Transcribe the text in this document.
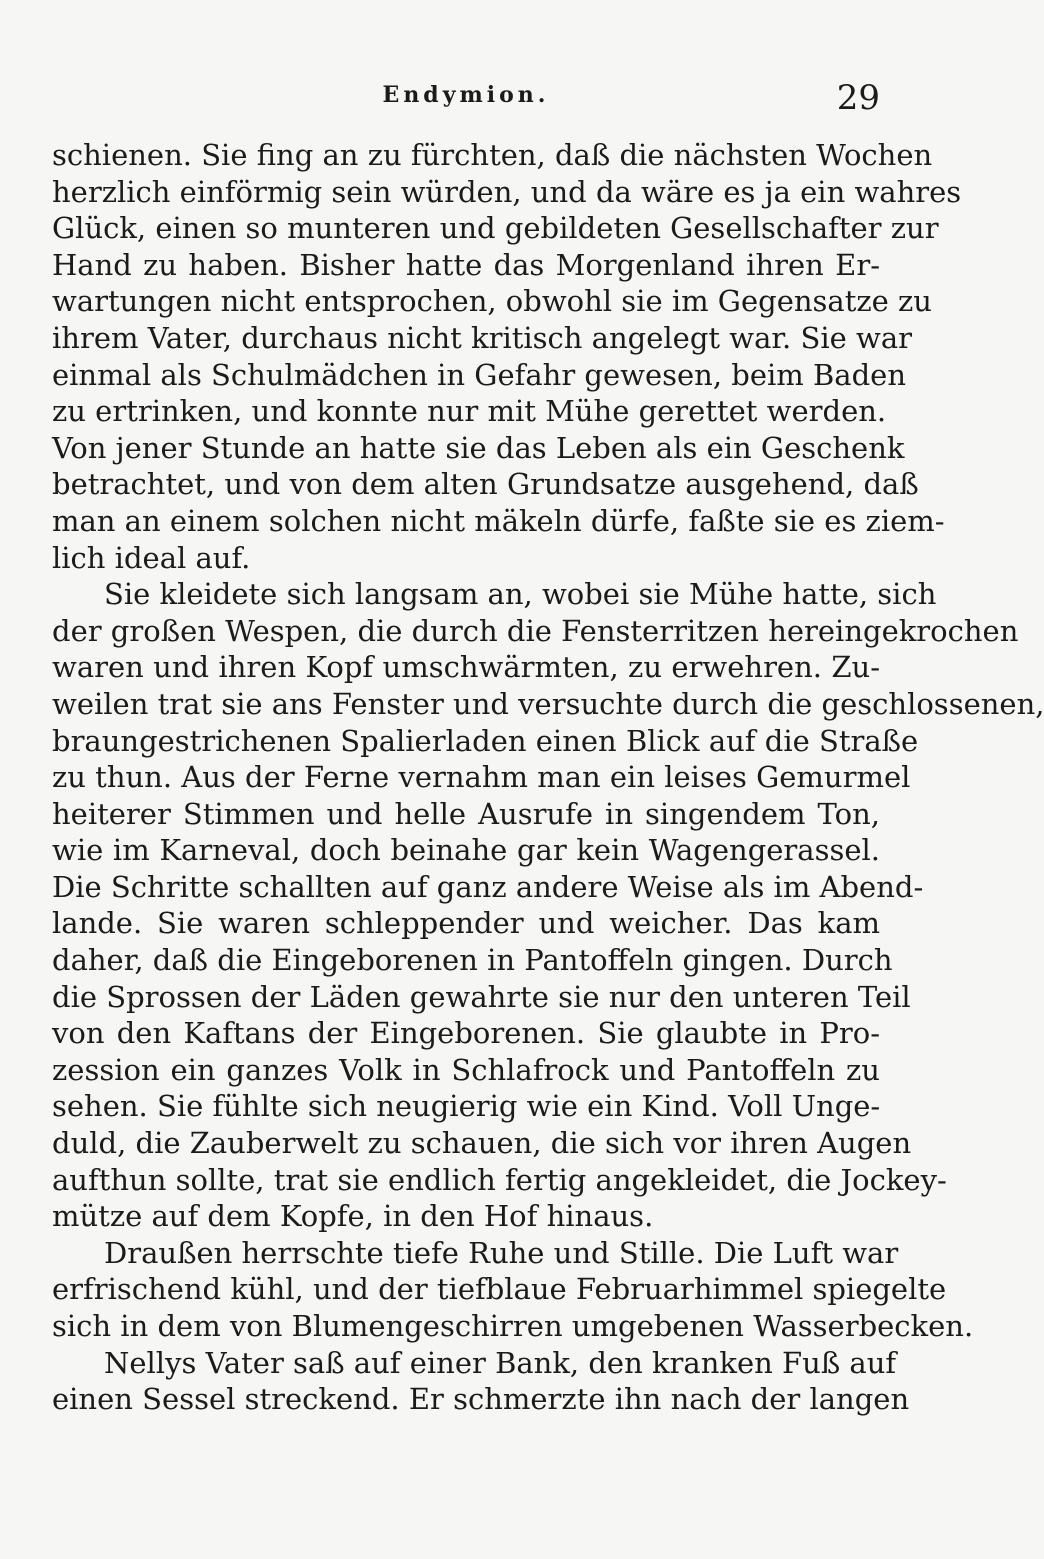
Endymion.	29
schienen. Sie fing an zu fürchten, daß die nächsten Wochen
herzlich einförmig sein würden, und da wäre es ja ein wahres
Glück, einen so munteren und gebildeten Gesellschafter zur
Hand zu haben. Bisher hatte das Morgenland ihren Er-
wartungen nicht entsprochen, obwohl sie im Gegensatze zu
ihrem Vater, durchaus nicht kritisch angelegt war. Sie war
einmal als Schulmädchen in Gefahr gewesen, beim Baden
zu ertrinken, und konnte nur mit Mühe gerettet werden.
Von jener Stunde an hatte sie das Leben als ein Geschenk
betrachtet, und von dem alten Grundsatze ausgehend, daß
man an einem solchen nicht mäkeln dürfe, faßte sie es ziem-
lich ideal auf.
Sie kleidete sich langsam an, wobei sie Mühe hatte, sich
der großen Wespen, die durch die Fensterritzen hereingekrochen
waren und ihren Kopf umschwärmten, zu erwehren. Zu-
weilen trat sie ans Fenster und versuchte durch die geschlossenen,
braungestrichenen Spalierladen einen Blick auf die Straße
zu thun. Aus der Ferne vernahm man ein leises Gemurmel
heiterer Stimmen und helle Ausrufe in singendem Ton,
wie im Karneval, doch beinahe gar kein Wagengerassel.
Die Schritte schallten auf ganz andere Weise als im Abend-
lande. Sie waren schleppender und weicher. Das kam
daher, daß die Eingeborenen in Pantoffeln gingen. Durch
die Sprossen der Läden gewahrte sie nur den unteren Teil
von den Kaftans der Eingeborenen. Sie glaubte in Pro-
zession ein ganzes Volk in Schlafrock und Pantoffeln zu
sehen. Sie fühlte sich neugierig wie ein Kind. Voll Unge-
duld, die Zauberwelt zu schauen, die sich vor ihren Augen
aufthun sollte, trat sie endlich fertig angekleidet, die Jockey-
mütze auf dem Kopfe, in den Hof hinaus.
Draußen herrschte tiefe Ruhe und Stille. Die Luft war
erfrischend kühl, und der tiefblaue Februarhimmel spiegelte
sich in dem von Blumengeschirren umgebenen Wasserbecken.
Nellys Vater saß auf einer Bank, den kranken Fuß auf
einen Sessel streckend. Er schmerzte ihn nach der langen
